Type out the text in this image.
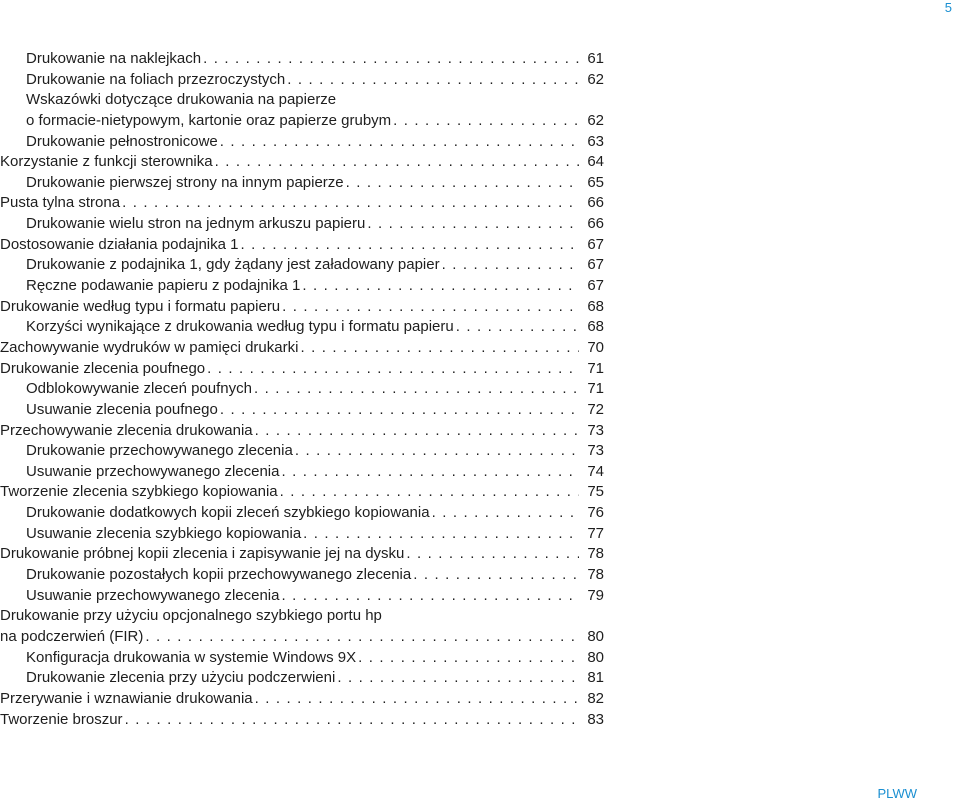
5
Drukowanie na naklejkach . . .	61
Drukowanie na foliach przezroczystych . . .	62
Wskazówki dotyczące drukowania na papierze
o formacie-nietypowym, kartonie oraz papierze grubym . . .	62
Drukowanie pełnostronicowe . . .	63
Korzystanie z funkcji sterownika . . .	64
Drukowanie pierwszej strony na innym papierze . . .	65
Pusta tylna strona . . .	66
Drukowanie wielu stron na jednym arkuszu papieru . . .	66
Dostosowanie działania podajnika 1 . . .	67
Drukowanie z podajnika 1, gdy żądany jest załadowany papier . . .	67
Ręczne podawanie papieru z podajnika 1 . . .	67
Drukowanie według typu i formatu papieru . . .	68
Korzyści wynikające z drukowania według typu i formatu papieru . . .	68
Zachowywanie wydruków w pamięci drukarki . . .	70
Drukowanie zlecenia poufnego . . .	71
Odblokowywanie zleceń poufnych . . .	71
Usuwanie zlecenia poufnego . . .	72
Przechowywanie zlecenia drukowania . . .	73
Drukowanie przechowywanego zlecenia . . .	73
Usuwanie przechowywanego zlecenia . . .	74
Tworzenie zlecenia szybkiego kopiowania . . .	75
Drukowanie dodatkowych kopii zleceń szybkiego kopiowania . . .	76
Usuwanie zlecenia szybkiego kopiowania . . .	77
Drukowanie próbnej kopii zlecenia i zapisywanie jej na dysku . . .	78
Drukowanie pozostałych kopii przechowywanego zlecenia . . .	78
Usuwanie przechowywanego zlecenia . . .	79
Drukowanie przy użyciu opcjonalnego szybkiego portu hp
na podczerwień (FIR) . . .	80
Konfiguracja drukowania w systemie Windows 9X . . .	80
Drukowanie zlecenia przy użyciu podczerwieni . . .	81
Przerywanie i wznawianie drukowania . . .	82
Tworzenie broszur . . .	83
PLWW
